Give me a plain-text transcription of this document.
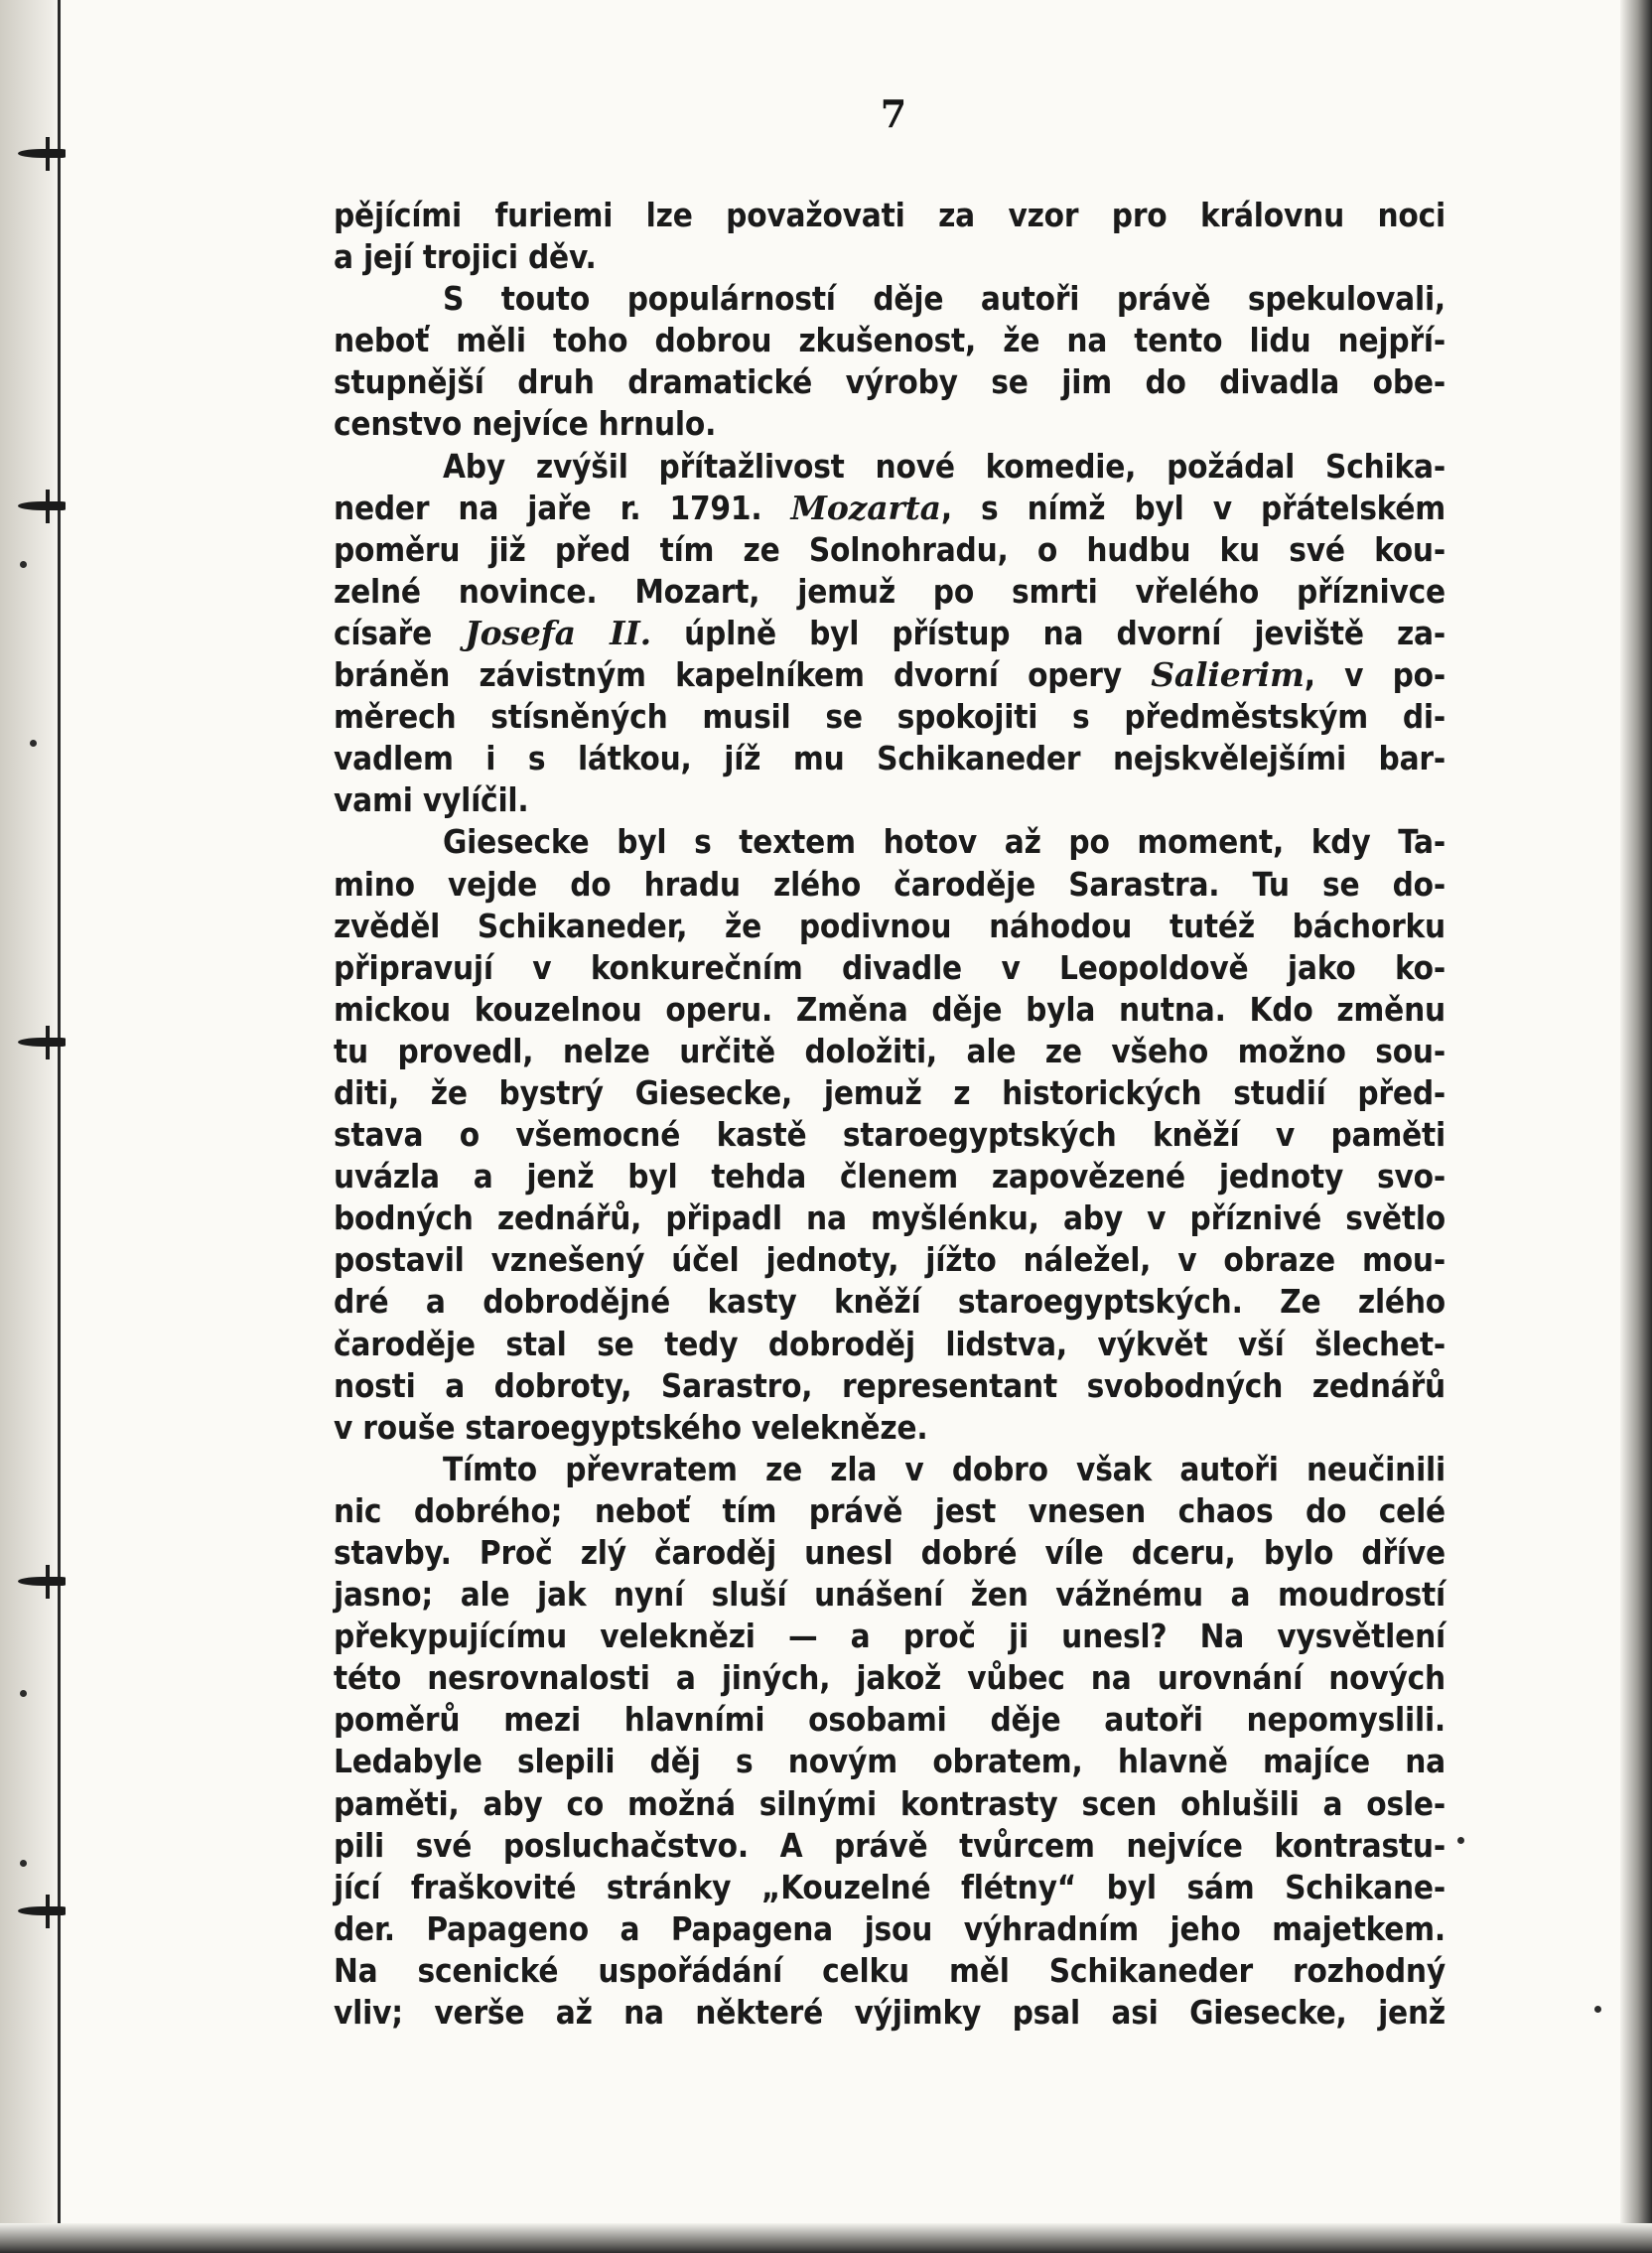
7
pějícími furiemi lze považovati za vzor pro královnu noci
a její trojici děv.
S touto populárností děje autoři právě spekulovali,
neboť měli toho dobrou zkušenost, že na tento lidu nejpří-
stupnější druh dramatické výroby se jim do divadla obe-
censtvo nejvíce hrnulo.
Aby zvýšil přítažlivost nové komedie, požádal Schika-
neder na jaře r. 1791. Mozarta, s nímž byl v přátelském
poměru již před tím ze Solnohradu, o hudbu ku své kou-
zelné novince. Mozart, jemuž po smrti vřelého příznivce
císaře Josefa II. úplně byl přístup na dvorní jeviště za-
bráněn závistným kapelníkem dvorní opery Salierim, v po-
měrech stísněných musil se spokojiti s předměstským di-
vadlem i s látkou, jíž mu Schikaneder nejskvělejšími bar-
vami vylíčil.
Giesecke byl s textem hotov až po moment, kdy Ta-
mino vejde do hradu zlého čaroděje Sarastra. Tu se do-
zvěděl Schikaneder, že podivnou náhodou tutéž báchorku
připravují v konkurečním divadle v Leopoldově jako ko-
mickou kouzelnou operu. Změna děje byla nutna. Kdo změnu
tu provedl, nelze určitě doložiti, ale ze všeho možno sou-
diti, že bystrý Giesecke, jemuž z historických studií před-
stava o všemocné kastě staroegyptských kněží v paměti
uvázla a jenž byl tehda členem zapovězené jednoty svo-
bodných zednářů, připadl na myšlénku, aby v příznivé světlo
postavil vznešený účel jednoty, jížto náležel, v obraze mou-
dré a dobrodějné kasty kněží staroegyptských. Ze zlého
čaroděje stal se tedy dobroděj lidstva, výkvět vší šlechet-
nosti a dobroty, Sarastro, representant svobodných zednářů
v rouše staroegyptského velekněze.
Tímto převratem ze zla v dobro však autoři neučinili
nic dobrého; neboť tím právě jest vnesen chaos do celé
stavby. Proč zlý čaroděj unesl dobré víle dceru, bylo dříve
jasno; ale jak nyní sluší unášení žen vážnému a moudrostí
překypujícímu veleknězi — a proč ji unesl? Na vysvětlení
této nesrovnalosti a jiných, jakož vůbec na urovnání nových
poměrů mezi hlavními osobami děje autoři nepomyslili.
Ledabyle slepili děj s novým obratem, hlavně majíce na
paměti, aby co možná silnými kontrasty scen ohlušili a osle-
pili své posluchačstvo. A právě tvůrcem nejvíce kontrastu-
jící fraškovité stránky „Kouzelné flétny“ byl sám Schikane-
der. Papageno a Papagena jsou výhradním jeho majetkem.
Na scenické uspořádání celku měl Schikaneder rozhodný
vliv; verše až na některé výjimky psal asi Giesecke, jenž
